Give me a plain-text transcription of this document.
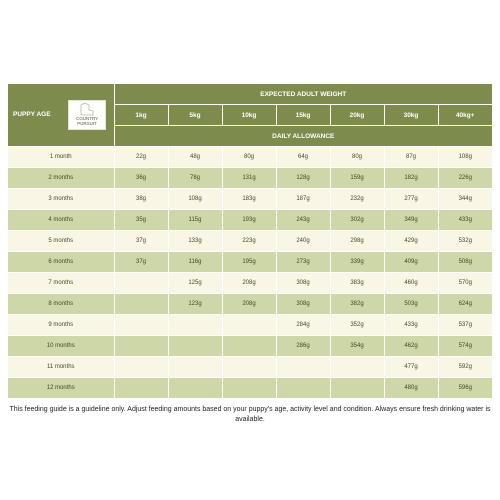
PUPPY AGE
COUNTRY
PURSUIT	EXPECTED ADULT WEIGHT						
	1kg	5kg	10kg	15kg	20kg	30kg	40kg+
	DAILY ALLOWANCE						
1 month	22g	48g	80g	64g	80g	87g	108g
2 months	36g	78g	131g	128g	159g	182g	226g
3 months	38g	108g	183g	187g	232g	277g	344g
4 months	35g	115g	193g	243g	302g	349g	433g
5 months	37g	133g	223g	240g	298g	429g	532g
6 months	37g	116g	195g	273g	339g	409g	508g
7 months		125g	208g	308g	383g	460g	570g
8 months		123g	208g	308g	382g	503g	624g
9 months				284g	352g	433g	537g
10 months				286g	354g	462g	574g
11 months						477g	592g
12 months						480g	596g
This feeding guide is a guideline only. Adjust feeding amounts based on your puppy's age, activity level and condition. Always ensure fresh drinking water is available.
